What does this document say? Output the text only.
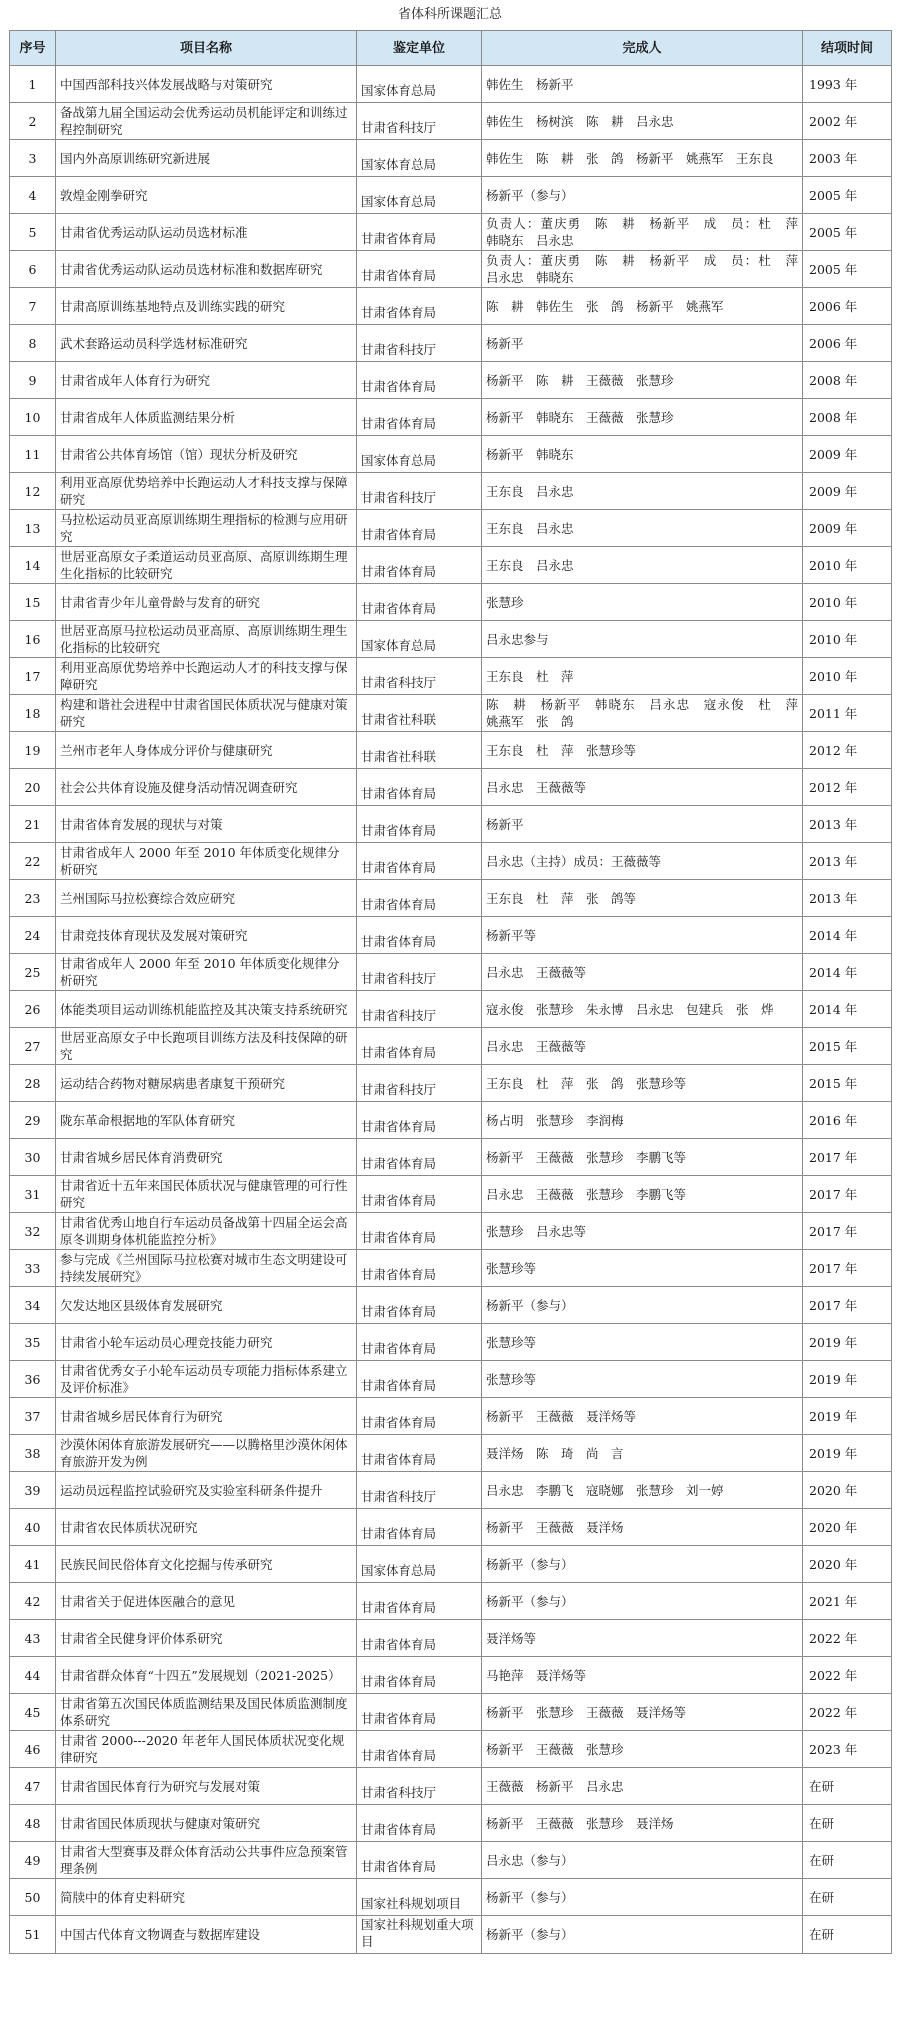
省体科所课题汇总
序号	项目名称	鉴定单位	完成人	结项时间
1	中国西部科技兴体发展战略与对策研究	国家体育总局	韩佐生　杨新平	1993 年
2	备战第九届全国运动会优秀运动员机能评定和训练过程控制研究	甘肃省科技厅	韩佐生　杨树滨　陈　耕　吕永忠	2002 年
3	国内外高原训练研究新进展	国家体育总局	韩佐生　陈　耕　张　鸽　杨新平　姚燕军　王东良	2003 年
4	敦煌金刚拳研究	国家体育总局	杨新平（参与）	2005 年
5	甘肃省优秀运动队运动员选材标准	甘肃省体育局	负责人：董庆勇　陈　耕　杨新平　成　员：杜　萍　韩晓东　吕永忠	2005 年
6	甘肃省优秀运动队运动员选材标准和数据库研究	甘肃省体育局	负责人：董庆勇　陈　耕　杨新平　成　员：杜　萍　吕永忠　韩晓东	2005 年
7	甘肃高原训练基地特点及训练实践的研究	甘肃省体育局	陈　耕　韩佐生　张　鸽　杨新平　姚燕军	2006 年
8	武术套路运动员科学选材标准研究	甘肃省科技厅	杨新平	2006 年
9	甘肃省成年人体育行为研究	甘肃省体育局	杨新平　陈　耕　王薇薇　张慧珍	2008 年
10	甘肃省成年人体质监测结果分析	甘肃省体育局	杨新平　韩晓东　王薇薇　张慧珍	2008 年
11	甘肃省公共体育场馆（馆）现状分析及研究	国家体育总局	杨新平　韩晓东	2009 年
12	利用亚高原优势培养中长跑运动人才科技支撑与保障研究	甘肃省科技厅	王东良　吕永忠	2009 年
13	马拉松运动员亚高原训练期生理指标的检测与应用研究	甘肃省体育局	王东良　吕永忠	2009 年
14	世居亚高原女子柔道运动员亚高原、高原训练期生理生化指标的比较研究	甘肃省体育局	王东良　吕永忠	2010 年
15	甘肃省青少年儿童骨龄与发育的研究	甘肃省体育局	张慧珍	2010 年
16	世居亚高原马拉松运动员亚高原、高原训练期生理生化指标的比较研究	国家体育总局	吕永忠参与	2010 年
17	利用亚高原优势培养中长跑运动人才的科技支撑与保障研究	甘肃省科技厅	王东良　杜　萍	2010 年
18	构建和谐社会进程中甘肃省国民体质状况与健康对策研究	甘肃省社科联	陈　耕　杨新平　韩晓东　吕永忠　寇永俊　杜　萍　姚燕军　张　鸽	2011 年
19	兰州市老年人身体成分评价与健康研究	甘肃省社科联	王东良　杜　萍　张慧珍等	2012 年
20	社会公共体育设施及健身活动情况调查研究	甘肃省体育局	吕永忠　王薇薇等	2012 年
21	甘肃省体育发展的现状与对策	甘肃省体育局	杨新平	2013 年
22	甘肃省成年人 2000 年至 2010 年体质变化规律分析研究	甘肃省体育局	吕永忠（主持）成员：王薇薇等	2013 年
23	兰州国际马拉松赛综合效应研究	甘肃省体育局	王东良　杜　萍　张　鸽等	2013 年
24	甘肃竞技体育现状及发展对策研究	甘肃省体育局	杨新平等	2014 年
25	甘肃省成年人 2000 年至 2010 年体质变化规律分析研究	甘肃省科技厅	吕永忠　王薇薇等	2014 年
26	体能类项目运动训练机能监控及其决策支持系统研究	甘肃省科技厅	寇永俊　张慧珍　朱永博　吕永忠　包建兵　张　烨	2014 年
27	世居亚高原女子中长跑项目训练方法及科技保障的研究	甘肃省体育局	吕永忠　王薇薇等	2015 年
28	运动结合药物对糖尿病患者康复干预研究	甘肃省科技厅	王东良　杜　萍　张　鸽　张慧珍等	2015 年
29	陇东革命根据地的军队体育研究	甘肃省体育局	杨占明　张慧珍　李润梅	2016 年
30	甘肃省城乡居民体育消费研究	甘肃省体育局	杨新平　王薇薇　张慧珍　李鹏飞等	2017 年
31	甘肃省近十五年来国民体质状况与健康管理的可行性研究	甘肃省体育局	吕永忠　王薇薇　张慧珍　李鹏飞等	2017 年
32	甘肃省优秀山地自行车运动员备战第十四届全运会高原冬训期身体机能监控分析》	甘肃省体育局	张慧珍　吕永忠等	2017 年
33	参与完成《兰州国际马拉松赛对城市生态文明建设可持续发展研究》	甘肃省体育局	张慧珍等	2017 年
34	欠发达地区县级体育发展研究	甘肃省体育局	杨新平（参与）	2017 年
35	甘肃省小轮车运动员心理竞技能力研究	甘肃省体育局	张慧珍等	2019 年
36	甘肃省优秀女子小轮车运动员专项能力指标体系建立及评价标准》	甘肃省体育局	张慧珍等	2019 年
37	甘肃省城乡居民体育行为研究	甘肃省体育局	杨新平　王薇薇　聂洋炀等	2019 年
38	沙漠休闲体育旅游发展研究——以腾格里沙漠休闲体育旅游开发为例	甘肃省体育局	聂洋炀　陈　琦　尚　言	2019 年
39	运动员远程监控试验研究及实验室科研条件提升	甘肃省科技厅	吕永忠　李鹏飞　寇晓娜　张慧珍　刘一婷	2020 年
40	甘肃省农民体质状况研究	甘肃省体育局	杨新平　王薇薇　聂洋炀	2020 年
41	民族民间民俗体育文化挖掘与传承研究	国家体育总局	杨新平（参与）	2020 年
42	甘肃省关于促进体医融合的意见	甘肃省体育局	杨新平（参与）	2021 年
43	甘肃省全民健身评价体系研究	甘肃省体育局	聂洋炀等	2022 年
44	甘肃省群众体育“十四五”发展规划（2021-2025）	甘肃省体育局	马艳萍　聂洋炀等	2022 年
45	甘肃省第五次国民体质监测结果及国民体质监测制度体系研究	甘肃省体育局	杨新平　张慧珍　王薇薇　聂洋炀等	2022 年
46	甘肃省 2000---2020 年老年人国民体质状况变化规律研究	甘肃省体育局	杨新平　王薇薇　张慧珍	2023 年
47	甘肃省国民体育行为研究与发展对策	甘肃省科技厅	王薇薇　杨新平　吕永忠	在研
48	甘肃省国民体质现状与健康对策研究	甘肃省体育局	杨新平　王薇薇　张慧珍　聂洋炀	在研
49	甘肃省大型赛事及群众体育活动公共事件应急预案管理条例	甘肃省体育局	吕永忠（参与）	在研
50	简牍中的体育史料研究	国家社科规划项目	杨新平（参与）	在研
51	中国古代体育文物调查与数据库建设	国家社科规划重大项目	杨新平（参与）	在研
